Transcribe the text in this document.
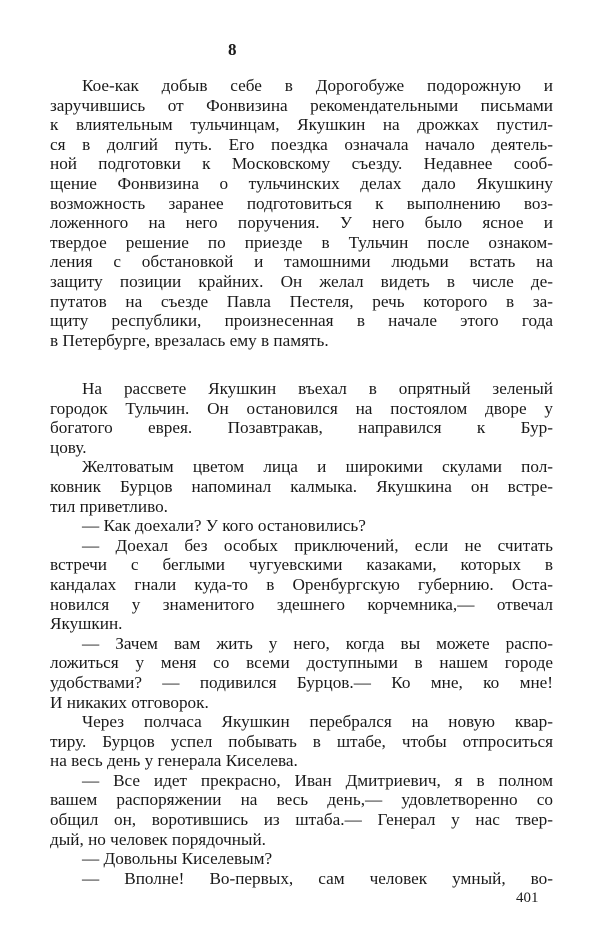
8
Кое-как добыв себе в Дорогобуже подорожную и
заручившись от Фонвизина рекомендательными письмами
к влиятельным тульчинцам, Якушкин на дрожках пустил-
ся в долгий путь. Его поездка означала начало деятель-
ной подготовки к Московскому съезду. Недавнее сооб-
щение Фонвизина о тульчинских делах дало Якушкину
возможность заранее подготовиться к выполнению воз-
ложенного на него поручения. У него было ясное и
твердое решение по приезде в Тульчин после ознаком-
ления с обстановкой и тамошними людьми встать на
защиту позиции крайних. Он желал видеть в числе де-
путатов на съезде Павла Пестеля, речь которого в за-
щиту республики, произнесенная в начале этого года
в Петербурге, врезалась ему в память.
На рассвете Якушкин въехал в опрятный зеленый
городок Тульчин. Он остановился на постоялом дворе у
богатого еврея. Позавтракав, направился к Бур-
цову.
Желтоватым цветом лица и широкими скулами пол-
ковник Бурцов напоминал калмыка. Якушкина он встре-
тил приветливо.
— Как доехали? У кого остановились?
— Доехал без особых приключений, если не считать
встречи с беглыми чугуевскими казаками, которых в
кандалах гнали куда-то в Оренбургскую губернию. Оста-
новился у знаменитого здешнего корчемника,— отвечал
Якушкин.
— Зачем вам жить у него, когда вы можете распо-
ложиться у меня со всеми доступными в нашем городе
удобствами? — подивился Бурцов.— Ко мне, ко мне!
И никаких отговорок.
Через полчаса Якушкин перебрался на новую квар-
тиру. Бурцов успел побывать в штабе, чтобы отпроситься
на весь день у генерала Киселева.
— Все идет прекрасно, Иван Дмитриевич, я в полном
вашем распоряжении на весь день,— удовлетворенно со
общил он, воротившись из штаба.— Генерал у нас твер-
дый, но человек порядочный.
— Довольны Киселевым?
— Вполне! Во-первых, сам человек умный, во-
401
